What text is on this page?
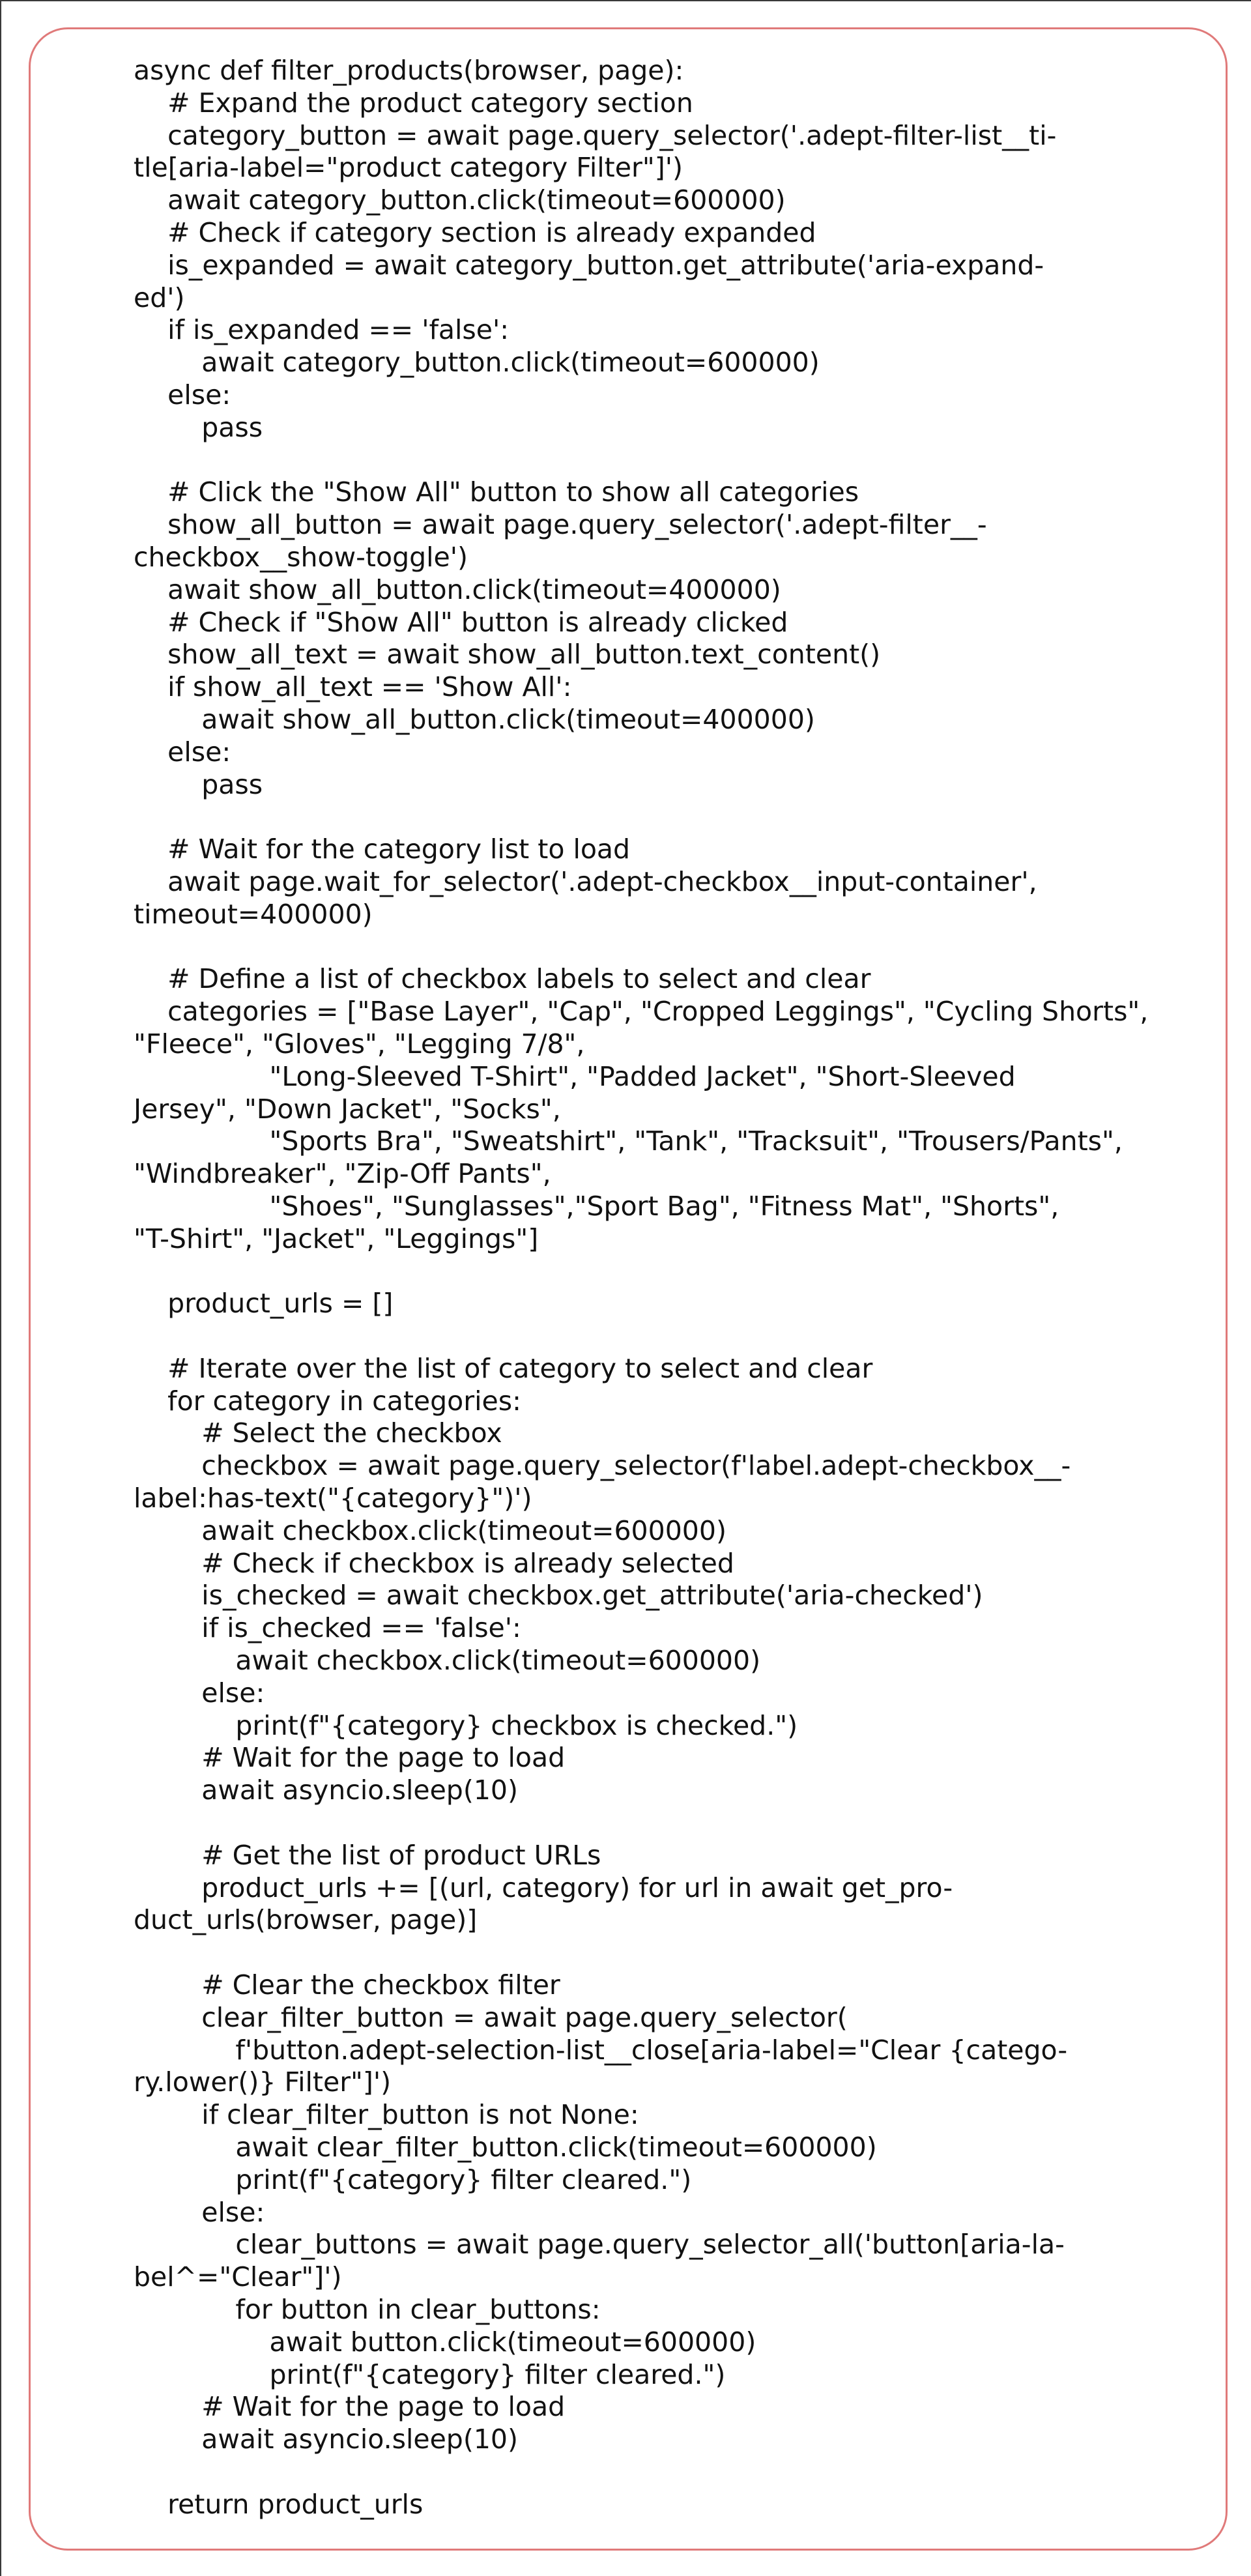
async def filter_products(browser, page):
# Expand the product category section
category_button = await page.query_selector('.adept-filter-list__ti-
tle[aria-label="product category Filter"]')
await category_button.click(timeout=600000)
# Check if category section is already expanded
is_expanded = await category_button.get_attribute('aria-expand-
ed')
if is_expanded == 'false':
await category_button.click(timeout=600000)
else:
pass
# Click the "Show All" button to show all categories
show_all_button = await page.query_selector('.adept-filter__-
checkbox__show-toggle')
await show_all_button.click(timeout=400000)
# Check if "Show All" button is already clicked
show_all_text = await show_all_button.text_content()
if show_all_text == 'Show All':
await show_all_button.click(timeout=400000)
else:
pass
# Wait for the category list to load
await page.wait_for_selector('.adept-checkbox__input-container',
timeout=400000)
# Define a list of checkbox labels to select and clear
categories = ["Base Layer", "Cap", "Cropped Leggings", "Cycling Shorts",
"Fleece", "Gloves", "Legging 7/8",
"Long-Sleeved T-Shirt", "Padded Jacket", "Short-Sleeved
Jersey", "Down Jacket", "Socks",
"Sports Bra", "Sweatshirt", "Tank", "Tracksuit", "Trousers/Pants",
"Windbreaker", "Zip-Off Pants",
"Shoes", "Sunglasses","Sport Bag", "Fitness Mat", "Shorts",
"T-Shirt", "Jacket", "Leggings"]
product_urls = []
# Iterate over the list of category to select and clear
for category in categories:
# Select the checkbox
checkbox = await page.query_selector(f'label.adept-checkbox__-
label:has-text("{category}")')
await checkbox.click(timeout=600000)
# Check if checkbox is already selected
is_checked = await checkbox.get_attribute('aria-checked')
if is_checked == 'false':
await checkbox.click(timeout=600000)
else:
print(f"{category} checkbox is checked.")
# Wait for the page to load
await asyncio.sleep(10)
# Get the list of product URLs
product_urls += [(url, category) for url in await get_pro-
duct_urls(browser, page)]
# Clear the checkbox filter
clear_filter_button = await page.query_selector(
f'button.adept-selection-list__close[aria-label="Clear {catego-
ry.lower()} Filter"]')
if clear_filter_button is not None:
await clear_filter_button.click(timeout=600000)
print(f"{category} filter cleared.")
else:
clear_buttons = await page.query_selector_all('button[aria-la-
bel^="Clear"]')
for button in clear_buttons:
await button.click(timeout=600000)
print(f"{category} filter cleared.")
# Wait for the page to load
await asyncio.sleep(10)
return product_urls
